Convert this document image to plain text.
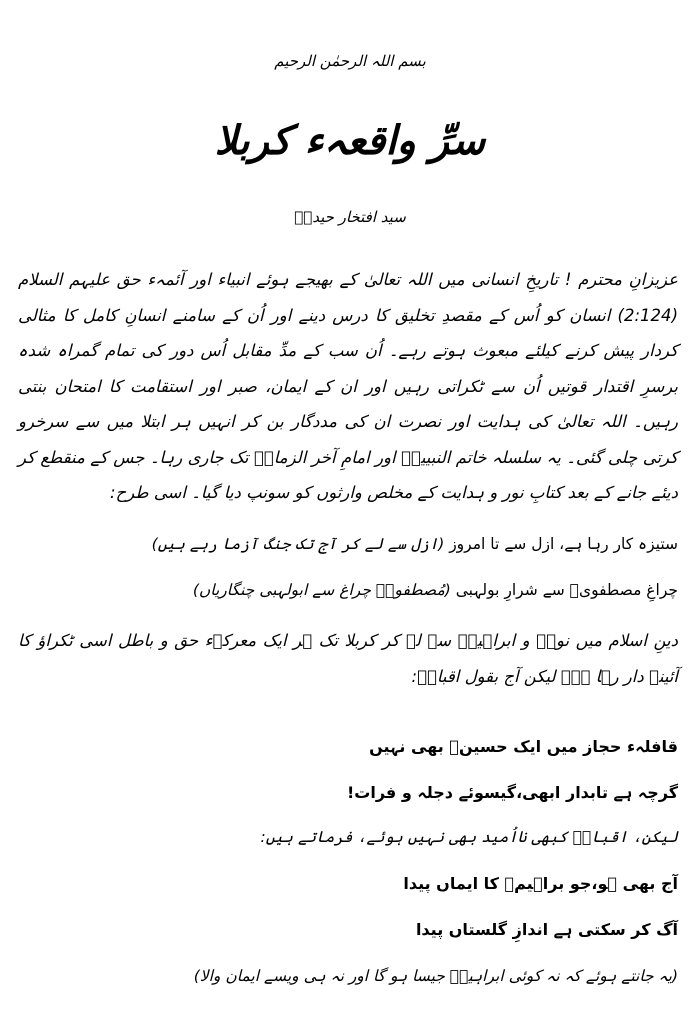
بسم اللہ الرحمٰن الرحیم
سرِّ واقعہء کربلا
سید افتخار حیدرؔ
عزیزانِ محترم ! تاریخِ انسانی میں اللہ تعالیٰ کے بھیجے ہوئے انبیاء اور آئمہء حق علیہم السلام (2:124) انسان کو اُس کے مقصدِ تخلیق کا درس دینے اور اُن کے سامنے انسانِ کامل کا مثالی کردار پیش کرنے کیلئے مبعوث ہوتے رہے۔ اُن سب کے مدِّ مقابل اُس دور کی تمام گمراہ شدہ برسرِ اقتدار قوتیں اُن سے ٹکراتی رہیں اور ان کے ایمان، صبر اور استقامت کا امتحان بنتی رہیں۔ اللہ تعالیٰ کی ہدایت اور نصرت ان کی مددگار بن کر انہیں ہر ابتلا میں سے سرخرو کرتی چلی گئی۔ یہ سلسلہ خاتم النبیینؐ اور امامِ آخر الزماںؑ تک جاری رہا۔ جس کے منقطع کر دیئے جانے کے بعد کتابِ نور و ہدایت کے مخلص وارثوں کو سونپ دیا گیا۔ اسی طرح:
ستیزہ کار رہا ہے، ازل سے تا امروز (ازل سے لے کر آج تک جنگ آزما رہے ہیں)
چراغِ مصطفویؐ سے شرارِ بولہبی (مُصطفویؐ چراغ سے ابولہبی چنگاریاں)
دینِ اسلام میں نوحؑ و ابراہیمؑ سے لے کر کربلا تک ہر ایک معرکہء حق و باطل اسی ٹکراؤ کا آئینہ دار رہا ہے۔ لیکن آج بقول اقبالؒ:
قافلہء حجاز میں ایک حسینؑ بھی نہیں
گرچہ ہے تابدار ابھی،گیسوئے دجلہ و فرات!
لیکن، اقبالؒ کبھی نااُمید بھی نہیں ہوئے، فرماتے ہیں:
آج بھی ہو،جو براہیمؑ کا ایماں پیدا
آگ کر سکتی ہے اندازِ گلستاں پیدا
(یہ جانتے ہوئے کہ نہ کوئی ابراہیمؑ جیسا ہو گا اور نہ ہی ویسے ایمان والا)
